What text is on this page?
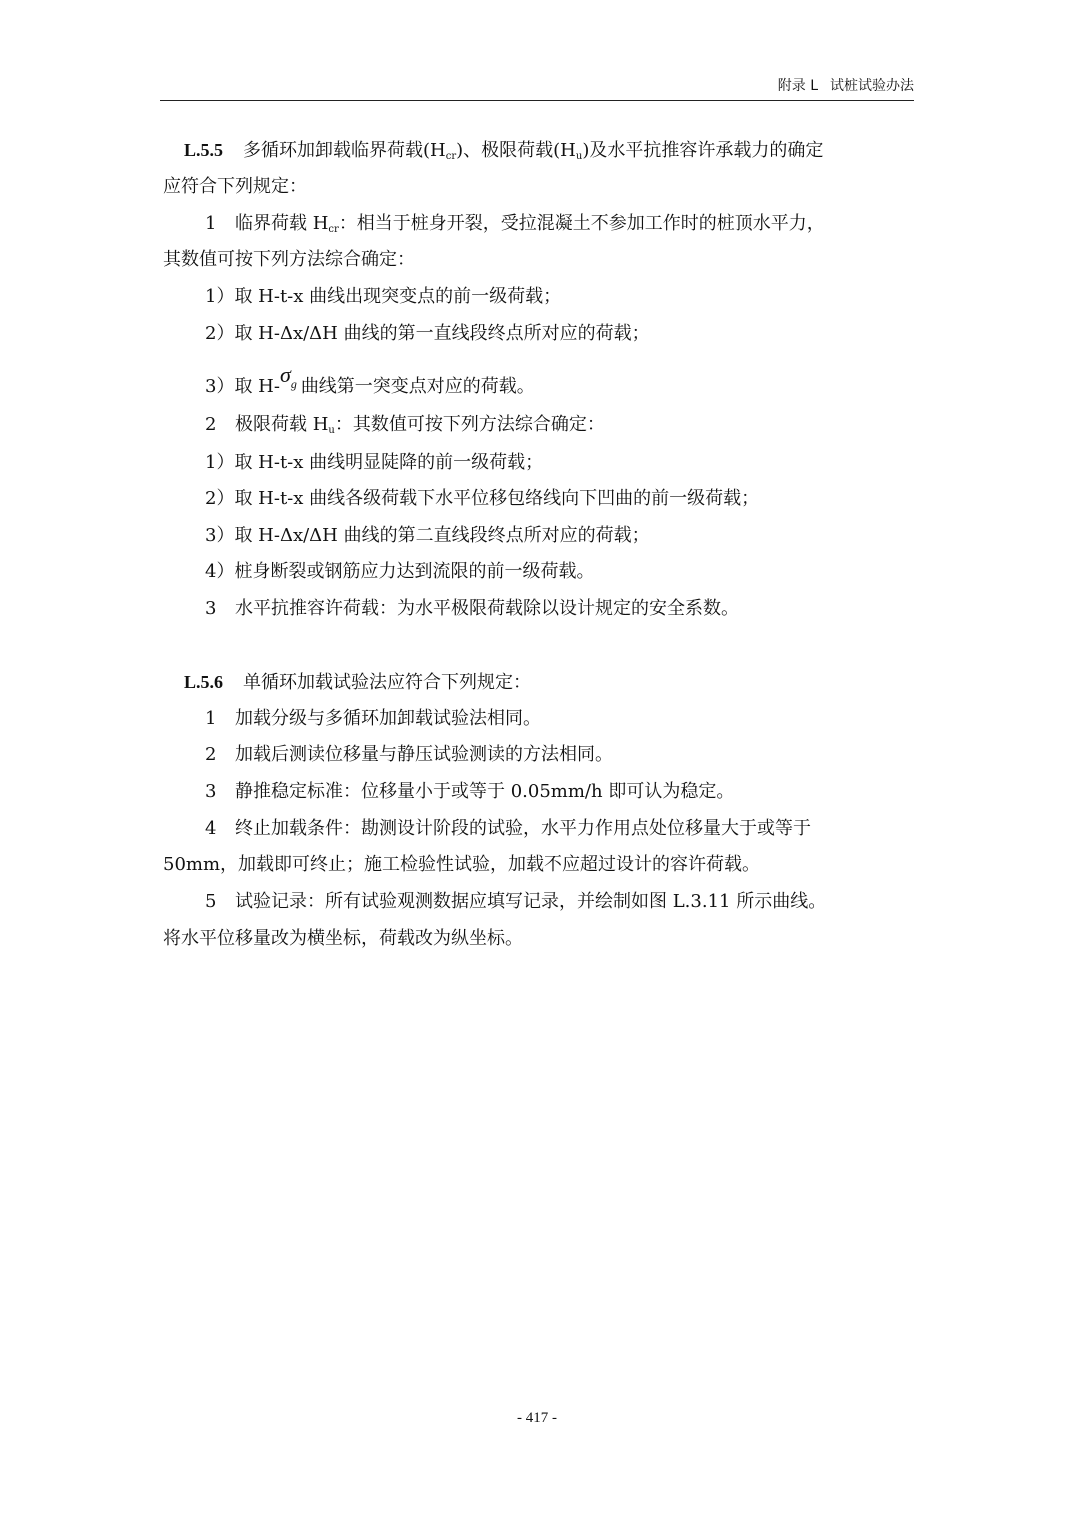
附录 L 试桩试验办法
L.5.5 多循环加卸载临界荷载$(H_{cr})$、极限荷载$(H_u)$及水平抗推容许承载力的确定
应符合下列规定：
1 临界荷载 $H_{cr}$：相当于桩身开裂，受拉混凝土不参加工作时的桩顶水平力，
其数值可按下列方法综合确定：
1）取 H-t-x 曲线出现突变点的前一级荷载；
2）取 H-Δx/ΔH 曲线的第一直线段终点所对应的荷载；
3）取 $H-\sigma^g$ 曲线第一突变点对应的荷载。
2 极限荷载 $H_u$：其数值可按下列方法综合确定：
1）取 H-t-x 曲线明显陡降的前一级荷载；
2）取 H-t-x 曲线各级荷载下水平位移包络线向下凹曲的前一级荷载；
3）取 H-Δx/ΔH 曲线的第二直线段终点所对应的荷载；
4）桩身断裂或钢筋应力达到流限的前一级荷载。
3 水平抗推容许荷载：为水平极限荷载除以设计规定的安全系数。
L.5.6 单循环加载试验法应符合下列规定：
1 加载分级与多循环加卸载试验法相同。
2 加载后测读位移量与静压试验测读的方法相同。
3 静推稳定标准：位移量小于或等于 0.05mm/h 即可认为稳定。
4 终止加载条件：勘测设计阶段的试验，水平力作用点处位移量大于或等于
50mm，加载即可终止；施工检验性试验，加载不应超过设计的容许荷载。
5 试验记录：所有试验观测数据应填写记录，并绘制如图 L.3.11 所示曲线。
将水平位移量改为横坐标，荷载改为纵坐标。
- 417 -
